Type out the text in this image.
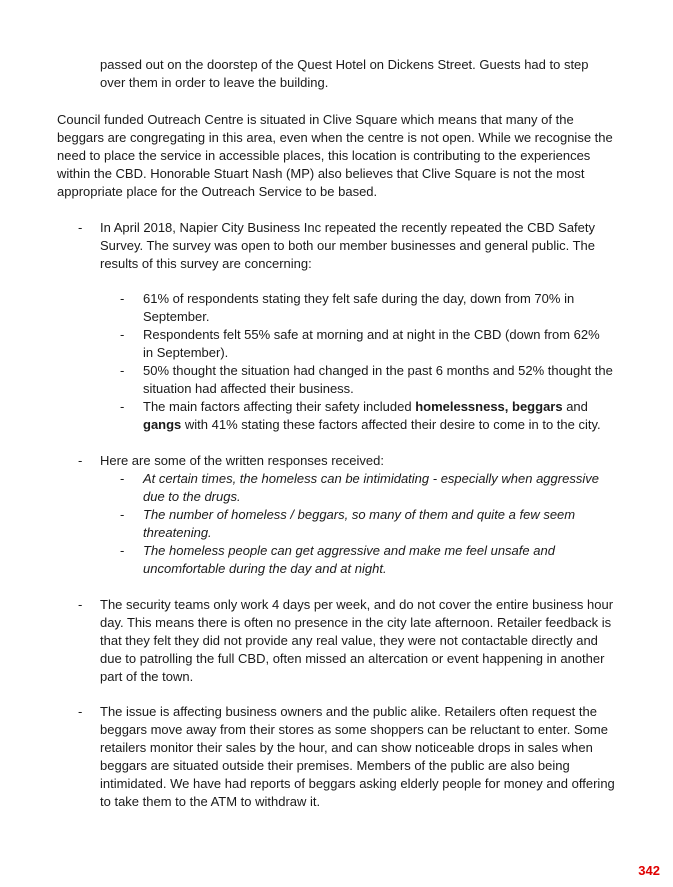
passed out on the doorstep of the Quest Hotel on Dickens Street. Guests had to step over them in order to leave the building.
Council funded Outreach Centre is situated in Clive Square which means that many of the beggars are congregating in this area, even when the centre is not open. While we recognise the need to place the service in accessible places, this location is contributing to the experiences within the CBD. Honorable Stuart Nash (MP) also believes that Clive Square is not the most appropriate place for the Outreach Service to be based.
-	In April 2018, Napier City Business Inc repeated the recently repeated the CBD Safety Survey. The survey was open to both our member businesses and general public. The results of this survey are concerning:
- 61% of respondents stating they felt safe during the day, down from 70% in September.
- Respondents felt 55% safe at morning and at night in the CBD (down from 62% in September).
- 50% thought the situation had changed in the past 6 months and 52% thought the situation had affected their business.
- The main factors affecting their safety included homelessness, beggars and gangs with 41% stating these factors affected their desire to come in to the city.
-	Here are some of the written responses received:
- At certain times, the homeless can be intimidating - especially when aggressive due to the drugs.
- The number of homeless / beggars, so many of them and quite a few seem threatening.
- The homeless people can get aggressive and make me feel unsafe and uncomfortable during the day and at night.
-	The security teams only work 4 days per week, and do not cover the entire business hour day. This means there is often no presence in the city late afternoon. Retailer feedback is that they felt they did not provide any real value, they were not contactable directly and due to patrolling the full CBD, often missed an altercation or event happening in another part of the town.
-	The issue is affecting business owners and the public alike. Retailers often request the beggars move away from their stores as some shoppers can be reluctant to enter. Some retailers monitor their sales by the hour, and can show noticeable drops in sales when beggars are situated outside their premises. Members of the public are also being intimidated. We have had reports of beggars asking elderly people for money and offering to take them to the ATM to withdraw it.
342
